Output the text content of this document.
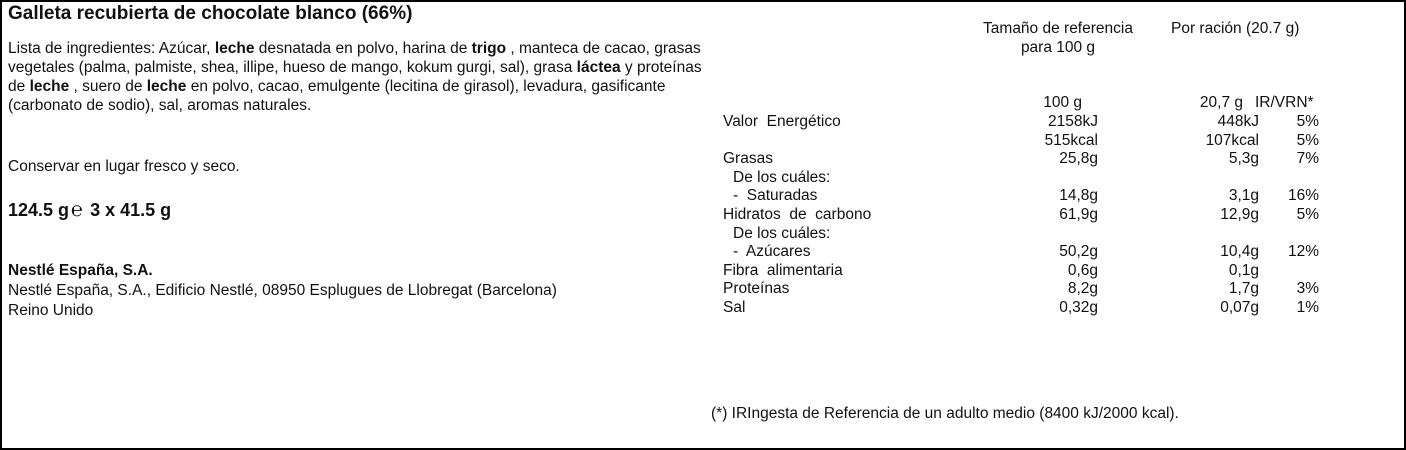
Galleta recubierta de chocolate blanco (66%)
Lista de ingredientes: Azúcar, leche desnatada en polvo, harina de trigo , manteca de cacao, grasas vegetales (palma, palmiste, shea, illipe, hueso de mango, kokum gurgi, sal), grasa láctea y proteínas de leche , suero de leche en polvo, cacao, emulgente (lecitina de girasol), levadura, gasificante (carbonato de sodio), sal, aromas naturales.
Conservar en lugar fresco y seco.
124.5 g ℮ 3 x 41.5 g
Nestlé España, S.A.
Nestlé España, S.A., Edificio Nestlé, 08950 Esplugues de Llobregat (Barcelona)
Reino Unido
Tamaño de referencia
para 100 g
Por ración (20.7 g)
100 g	20,7 g IR/VRN*
Valor  Energético	2158kJ	448kJ	5%
515kcal	107kcal	5%
Grasas	25,8g	5,3g	7%
De los cuáles:
-  Saturadas	14,8g	3,1g	16%
Hidratos  de  carbono	61,9g	12,9g	5%
De los cuáles:
-  Azúcares	50,2g	10,4g	12%
Fibra  alimentaria	0,6g	0,1g
Proteínas	8,2g	1,7g	3%
Sal	0,32g	0,07g	1%
(*) IRIngesta de Referencia de un adulto medio (8400 kJ/2000 kcal).
